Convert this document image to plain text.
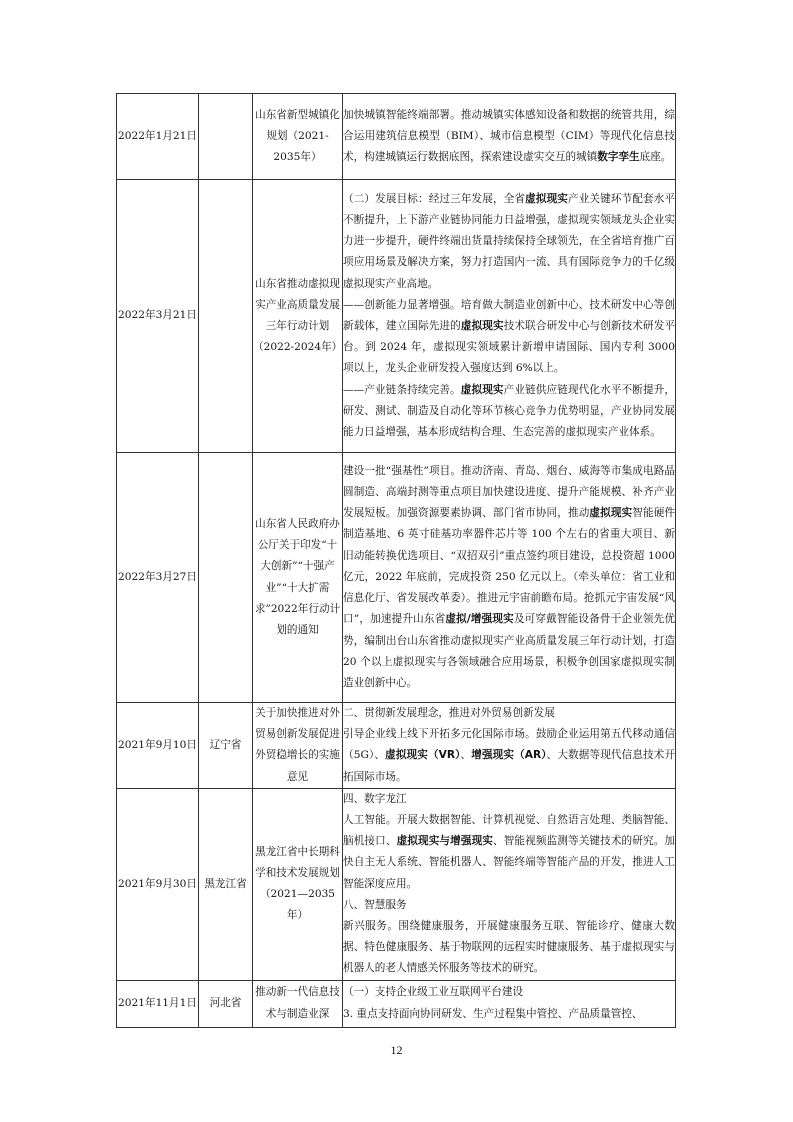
2022年1月21日		山东省新型城镇化规划（2021-2035年）	加快城镇智能终端部署。推动城镇实体感知设备和数据的统管共用，综合运用建筑信息模型（BIM）、城市信息模型（CIM）等现代化信息技术，构建城镇运行数据底图，探索建设虚实交互的城镇数字孪生底座。

2022年3月21日		山东省推动虚拟现实产业高质量发展三年行动计划（2022-2024年）	（二）发展目标：经过三年发展，全省虚拟现实产业关键环节配套水平不断提升，上下游产业链协同能力日益增强，虚拟现实领域龙头企业实力进一步提升，硬件终端出货量持续保持全球领先，在全省培育推广百项应用场景及解决方案，努力打造国内一流、具有国际竞争力的千亿级虚拟现实产业高地。

——创新能力显著增强。培育做大制造业创新中心、技术研发中心等创新载体，建立国际先进的虚拟现实技术联合研发中心与创新技术研发平台。到 2024 年，虚拟现实领域累计新增申请国际、国内专利 3000 项以上，龙头企业研发投入强度达到 6%以上。

——产业链条持续完善。虚拟现实产业链供应链现代化水平不断提升，研发、测试、制造及自动化等环节核心竞争力优势明显，产业协同发展能力日益增强，基本形成结构合理、生态完善的虚拟现实产业体系。

2022年3月27日		山东省人民政府办公厅关于印发“十大创新”“十强产业”“十大扩需求”2022年行动计划的通知	建设一批“强基性”项目。推动济南、青岛、烟台、威海等市集成电路晶圆制造、高端封测等重点项目加快建设进度、提升产能规模、补齐产业发展短板。加强资源要素协调、部门省市协同，推动虚拟现实智能硬件制造基地、6 英寸硅基功率器件芯片等 100 个左右的省重大项目、新旧动能转换优选项目、“双招双引”重点签约项目建设，总投资超 1000 亿元，2022 年底前，完成投资 250 亿元以上。（牵头单位：省工业和信息化厅、省发展改革委）。推进元宇宙前瞻布局。抢抓元宇宙发展“风口”，加速提升山东省虚拟/增强现实及可穿戴智能设备骨干企业领先优势，编制出台山东省推动虚拟现实产业高质量发展三年行动计划，打造 20 个以上虚拟现实与各领域融合应用场景，积极争创国家虚拟现实制造业创新中心。

2021年9月10日	辽宁省	关于加快推进对外贸易创新发展促进外贸稳增长的实施意见	二、贯彻新发展理念，推进对外贸易创新发展

引导企业线上线下开拓多元化国际市场。鼓励企业运用第五代移动通信（5G）、虚拟现实（VR）、增强现实（AR）、大数据等现代信息技术开拓国际市场。

2021年9月30日	黑龙江省	黑龙江省中长期科学和技术发展规划（2021—2035年）	四、数字龙江

人工智能。开展大数据智能、计算机视觉、自然语言处理、类脑智能、脑机接口、虚拟现实与增强现实、智能视频监测等关键技术的研究。加快自主无人系统、智能机器人、智能终端等智能产品的开发，推进人工智能深度应用。

八、智慧服务

新兴服务。围绕健康服务，开展健康服务互联、智能诊疗、健康大数据、特色健康服务、基于物联网的远程实时健康服务、基于虚拟现实与机器人的老人情感关怀服务等技术的研究。

2021年11月1日	河北省	推动新一代信息技术与制造业深	（一）支持企业级工业互联网平台建设

3. 重点支持面向协同研发、生产过程集中管控、产品质量管控、

12
